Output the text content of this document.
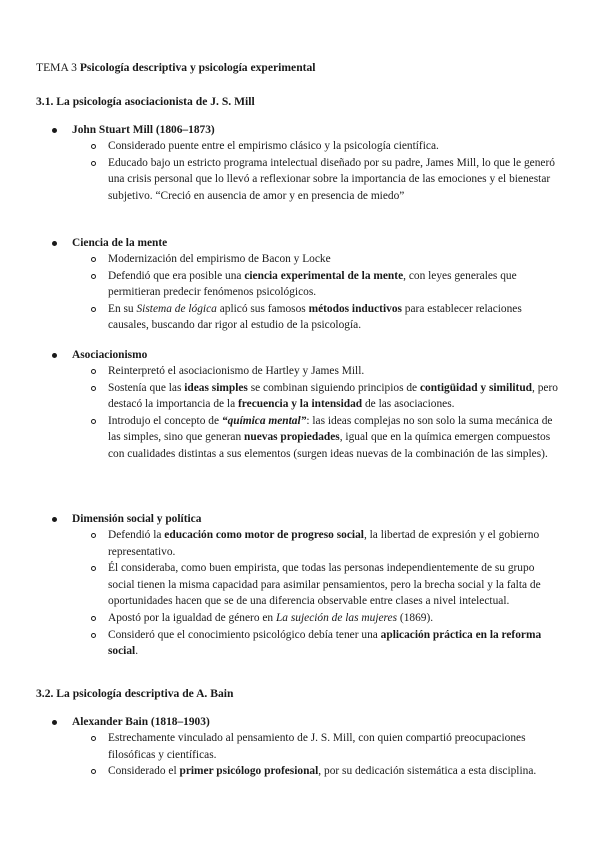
TEMA 3 Psicología descriptiva y psicología experimental

3.1. La psicología asociacionista de J. S. Mill

John Stuart Mill (1806–1873)

Considerado puente entre el empirismo clásico y la psicología científica.
Educado bajo un estricto programa intelectual diseñado por su padre, James Mill, lo que le generó una crisis personal que lo llevó a reflexionar sobre la importancia de las emociones y el bienestar subjetivo. “Creció en ausencia de amor y en presencia de miedo”

Ciencia de la mente

Modernización del empirismo de Bacon y Locke
Defendió que era posible una ciencia experimental de la mente, con leyes generales que permitieran predecir fenómenos psicológicos.
En su Sistema de lógica aplicó sus famosos métodos inductivos para establecer relaciones causales, buscando dar rigor al estudio de la psicología.

Asociacionismo

Reinterpretó el asociacionismo de Hartley y James Mill.
Sostenía que las ideas simples se combinan siguiendo principios de contigüidad y similitud, pero destacó la importancia de la frecuencia y la intensidad de las asociaciones.
Introdujo el concepto de “química mental”: las ideas complejas no son solo la suma mecánica de las simples, sino que generan nuevas propiedades, igual que en la química emergen compuestos con cualidades distintas a sus elementos (surgen ideas nuevas de la combinación de las simples).

Dimensión social y política

Defendió la educación como motor de progreso social, la libertad de expresión y el gobierno representativo.
Él consideraba, como buen empirista, que todas las personas independientemente de su grupo social tienen la misma capacidad para asimilar pensamientos, pero la brecha social y la falta de oportunidades hacen que se de una diferencia observable entre clases a nivel intelectual.
Apostó por la igualdad de género en La sujeción de las mujeres (1869).
Consideró que el conocimiento psicológico debía tener una aplicación práctica en la reforma social.
3.2. La psicología descriptiva de A. Bain

Alexander Bain (1818–1903)

Estrechamente vinculado al pensamiento de J. S. Mill, con quien compartió preocupaciones filosóficas y científicas.
Considerado el primer psicólogo profesional, por su dedicación sistemática a esta disciplina.
